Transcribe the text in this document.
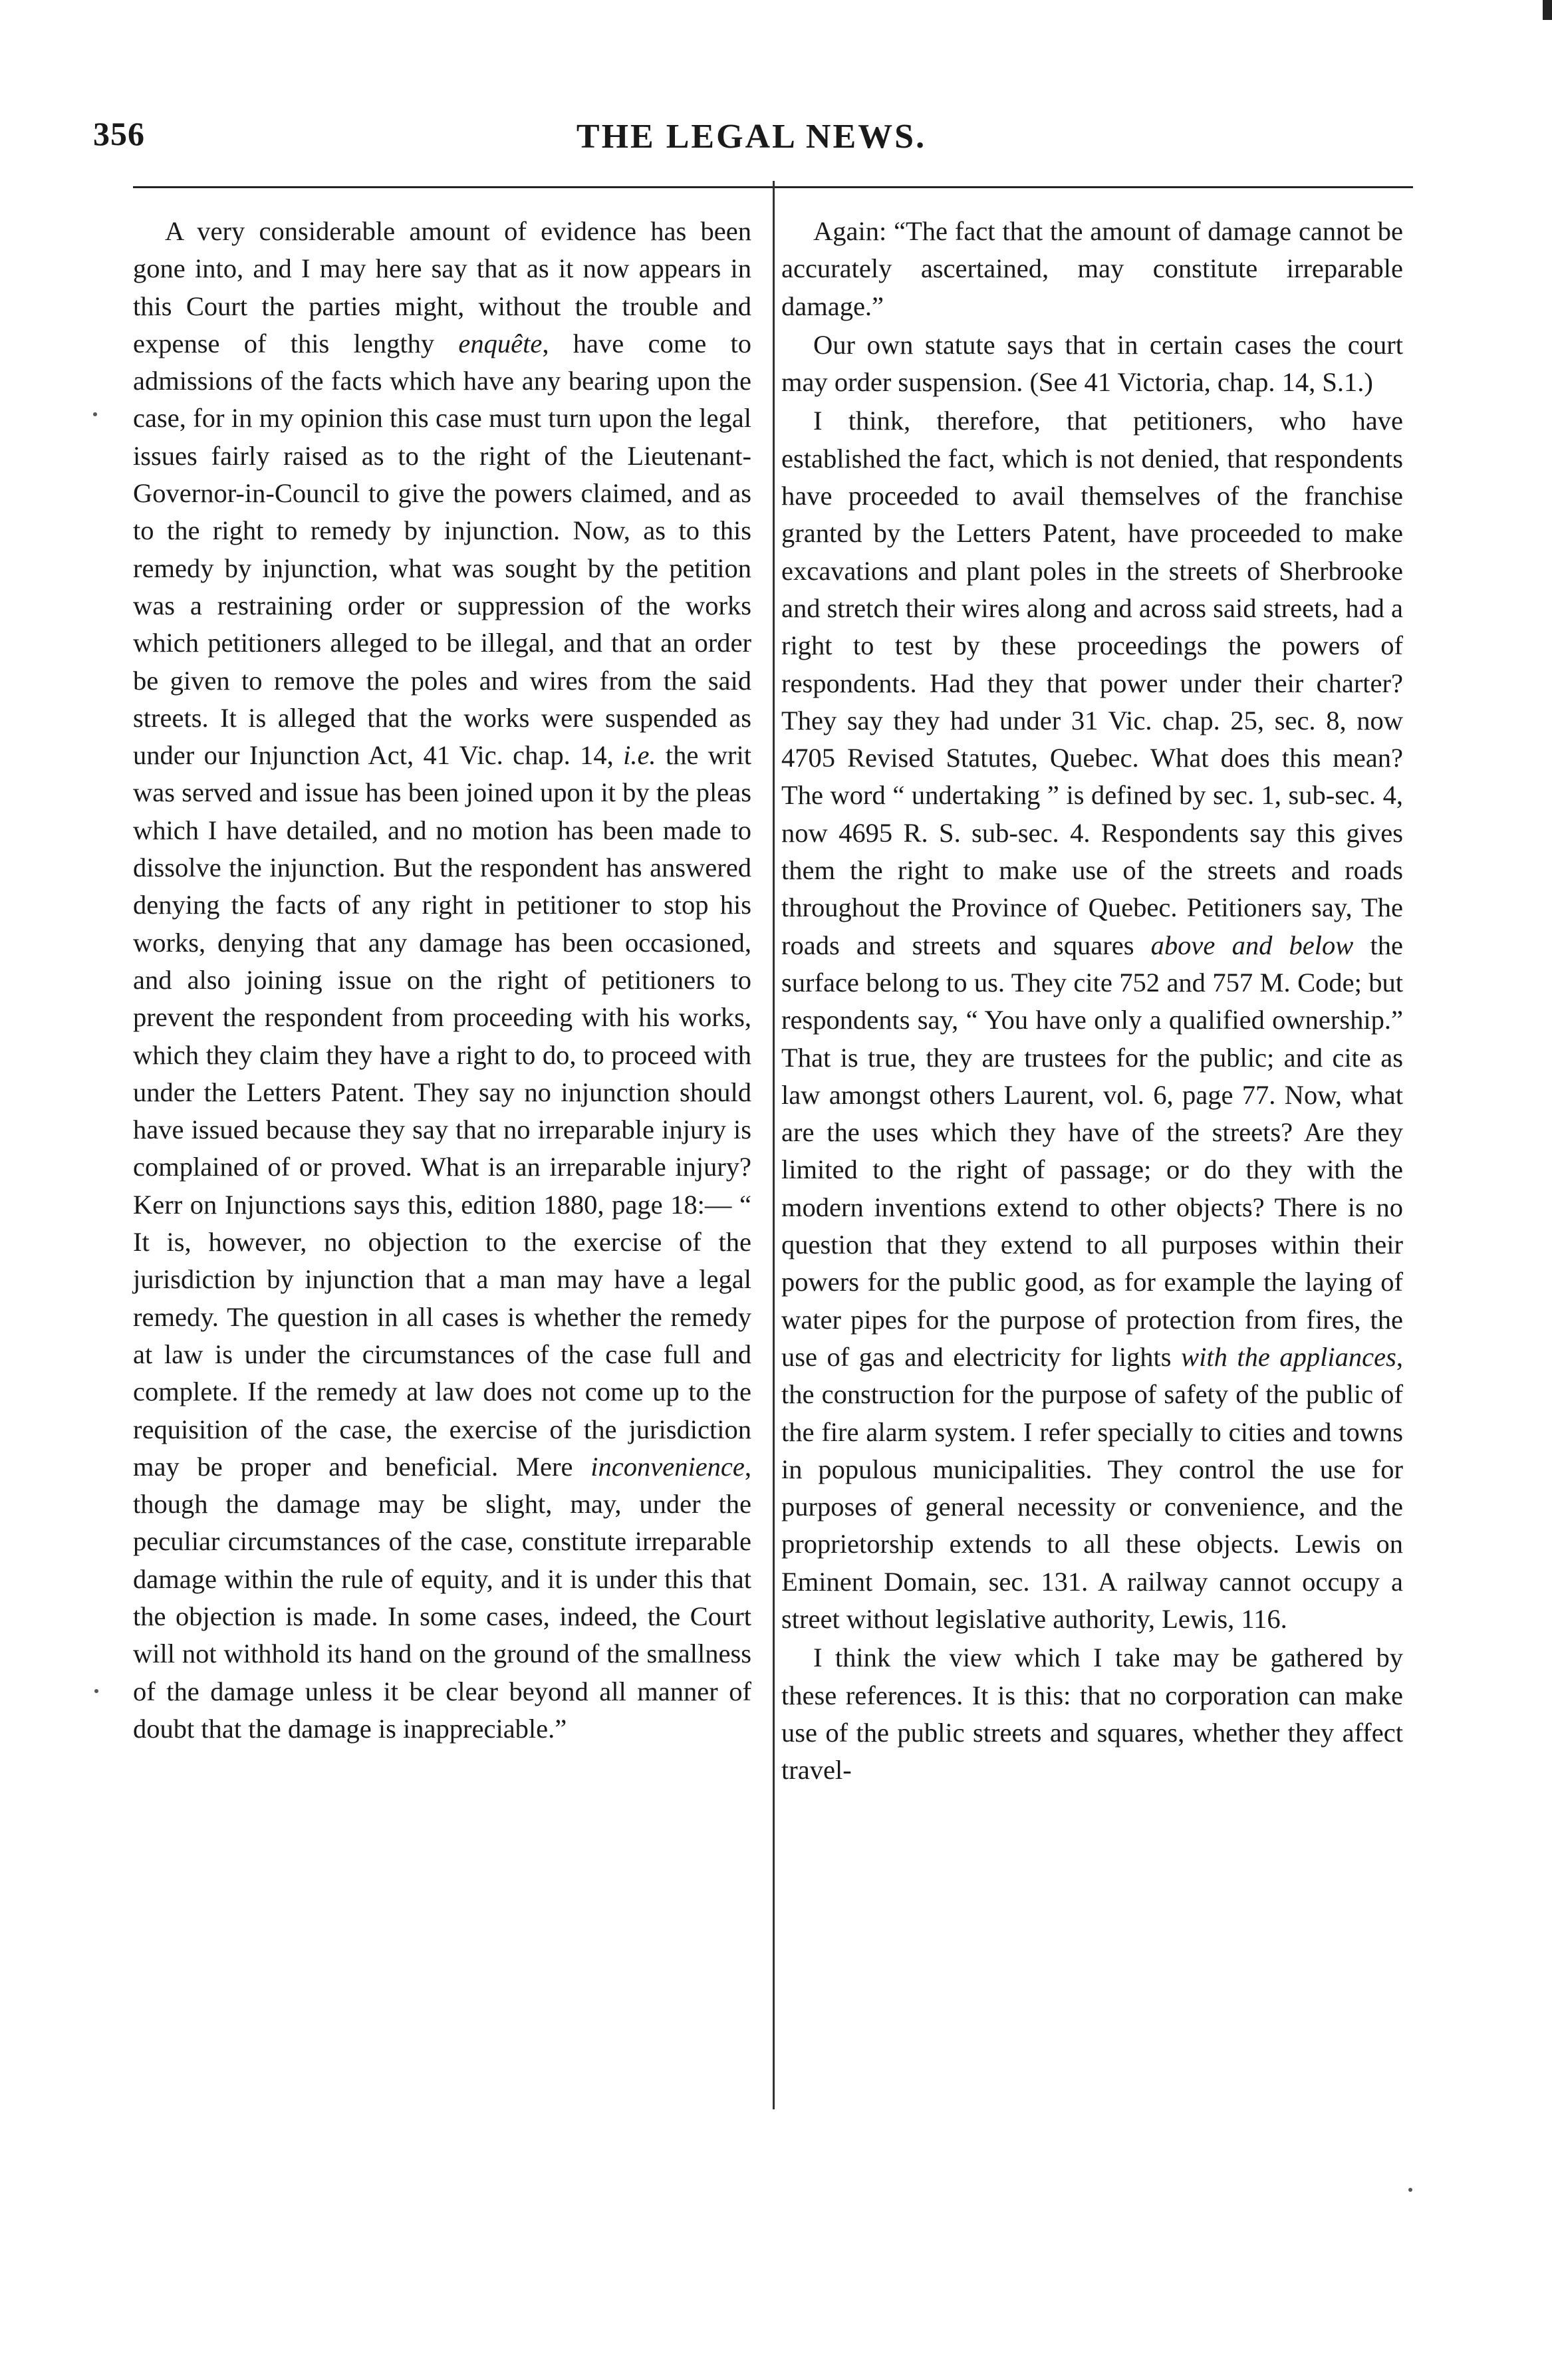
356	THE LEGAL NEWS.

A very considerable amount of evidence has been gone into, and I may here say that as it now appears in this Court the parties might, without the trouble and expense of this lengthy enquête, have come to admissions of the facts which have any bearing upon the case, for in my opinion this case must turn upon the legal issues fairly raised as to the right of the Lieutenant-Governor-in-Council to give the powers claimed, and as to the right to remedy by injunction. Now, as to this remedy by injunction, what was sought by the petition was a restraining order or suppression of the works which petitioners alleged to be illegal, and that an order be given to remove the poles and wires from the said streets. It is alleged that the works were suspended as under our Injunction Act, 41 Vic. chap. 14, i.e. the writ was served and issue has been joined upon it by the pleas which I have detailed, and no motion has been made to dissolve the injunction. But the respondent has answered denying the facts of any right in petitioner to stop his works, denying that any damage has been occasioned, and also joining issue on the right of petitioners to prevent the respondent from proceeding with his works, which they claim they have a right to do, to proceed with under the Letters Patent. They say no injunction should have issued because they say that no irreparable injury is complained of or proved. What is an irreparable injury? Kerr on Injunctions says this, edition 1880, page 18:— “ It is, however, no objection to the exercise of the jurisdiction by injunction that a man may have a legal remedy. The question in all cases is whether the remedy at law is under the circumstances of the case full and complete. If the remedy at law does not come up to the requisition of the case, the exercise of the jurisdiction may be proper and beneficial. Mere inconvenience, though the damage may be slight, may, under the peculiar circumstances of the case, constitute irreparable damage within the rule of equity, and it is under this that the objection is made. In some cases, indeed, the Court will not withhold its hand on the ground of the smallness of the damage unless it be clear beyond all manner of doubt that the damage is inappreciable.”

Again: “The fact that the amount of damage cannot be accurately ascertained, may constitute irreparable damage.”

Our own statute says that in certain cases the court may order suspension. (See 41 Victoria, chap. 14, S.1.)

I think, therefore, that petitioners, who have established the fact, which is not denied, that respondents have proceeded to avail themselves of the franchise granted by the Letters Patent, have proceeded to make excavations and plant poles in the streets of Sherbrooke and stretch their wires along and across said streets, had a right to test by these proceedings the powers of respondents. Had they that power under their charter? They say they had under 31 Vic. chap. 25, sec. 8, now 4705 Revised Statutes, Quebec. What does this mean? The word “ undertaking ” is defined by sec. 1, sub-sec. 4, now 4695 R. S. sub-sec. 4. Respondents say this gives them the right to make use of the streets and roads throughout the Province of Quebec. Petitioners say, The roads and streets and squares above and below the surface belong to us. They cite 752 and 757 M. Code; but respondents say, “ You have only a qualified ownership.” That is true, they are trustees for the public; and cite as law amongst others Laurent, vol. 6, page 77. Now, what are the uses which they have of the streets? Are they limited to the right of passage; or do they with the modern inventions extend to other objects? There is no question that they extend to all purposes within their powers for the public good, as for example the laying of water pipes for the purpose of protection from fires, the use of gas and electricity for lights with the appliances, the construction for the purpose of safety of the public of the fire alarm system. I refer specially to cities and towns in populous municipalities. They control the use for purposes of general necessity or convenience, and the proprietorship extends to all these objects. Lewis on Eminent Domain, sec. 131. A railway cannot occupy a street without legislative authority, Lewis, 116.

I think the view which I take may be gathered by these references. It is this: that no corporation can make use of the public streets and squares, whether they affect travel-
